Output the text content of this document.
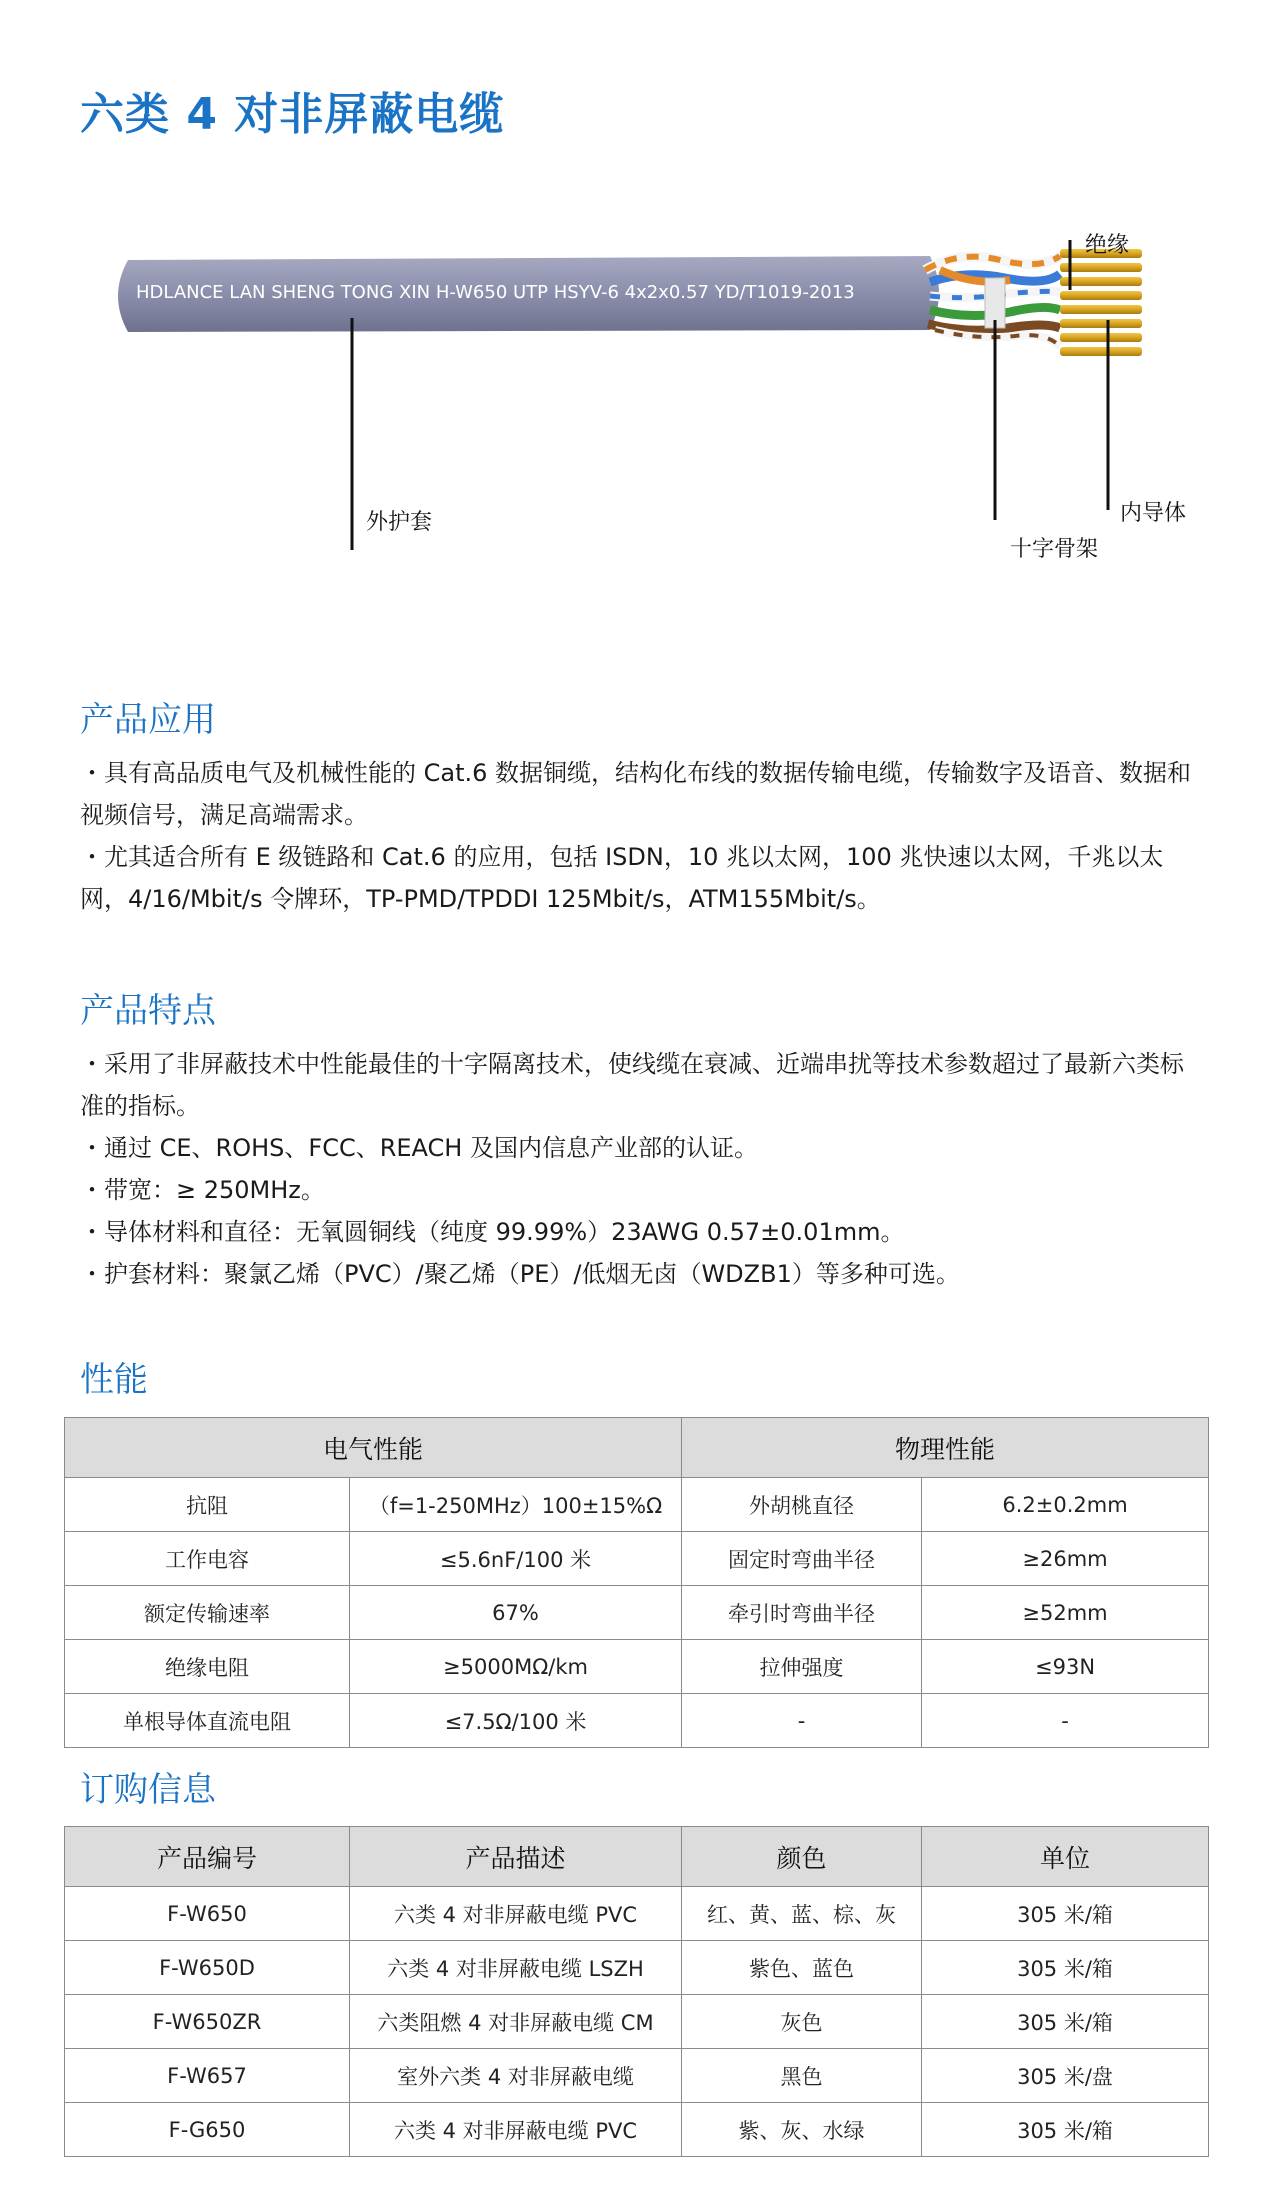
六类 4 对非屏蔽电缆
绝缘
外护套	内导体
十字骨架
HDLANCE LAN SHENG TONG XIN H-W650 UTP HSYV-6 4x2x0.57 YD/T1019-2013
产品应用

・具有高品质电气及机械性能的 Cat.6 数据铜缆，结构化布线的数据传输电缆，传输数字及语音、数据和视频信号，满足高端需求。

・尤其适合所有 E 级链路和 Cat.6 的应用，包括 ISDN，10 兆以太网，100 兆快速以太网，千兆以太网，4/16/Mbit/s 令牌环，TP-PMD/TPDDI 125Mbit/s，ATM155Mbit/s。

产品特点

・采用了非屏蔽技术中性能最佳的十字隔离技术，使线缆在衰减、近端串扰等技术参数超过了最新六类标准的指标。

・通过 CE、ROHS、FCC、REACH 及国内信息产业部的认证。

・带宽：≥ 250MHz。

・导体材料和直径：无氧圆铜线（纯度 99.99%）23AWG 0.57±0.01mm。

・护套材料：聚氯乙烯（PVC）/聚乙烯（PE）/低烟无卤（WDZB1）等多种可选。

性能
电气性能		物理性能	
抗阻	（f=1-250MHz）100±15%Ω	外胡桃直径	6.2±0.2mm
工作电容	≤5.6nF/100 米	固定时弯曲半径	≥26mm
额定传输速率	67%	牵引时弯曲半径	≥52mm
绝缘电阻	≥5000MΩ/km	拉伸强度	≤93N
单根导体直流电阻	≤7.5Ω/100 米	-	-
订购信息
产品编号	产品描述	颜色	单位
F-W650	六类 4 对非屏蔽电缆 PVC	红、黄、蓝、棕、灰	305 米/箱
F-W650D	六类 4 对非屏蔽电缆 LSZH	紫色、蓝色	305 米/箱
F-W650ZR	六类阻燃 4 对非屏蔽电缆 CM	灰色	305 米/箱
F-W657	室外六类 4 对非屏蔽电缆	黑色	305 米/盘
F-G650	六类 4 对非屏蔽电缆 PVC	紫、灰、水绿	305 米/箱
